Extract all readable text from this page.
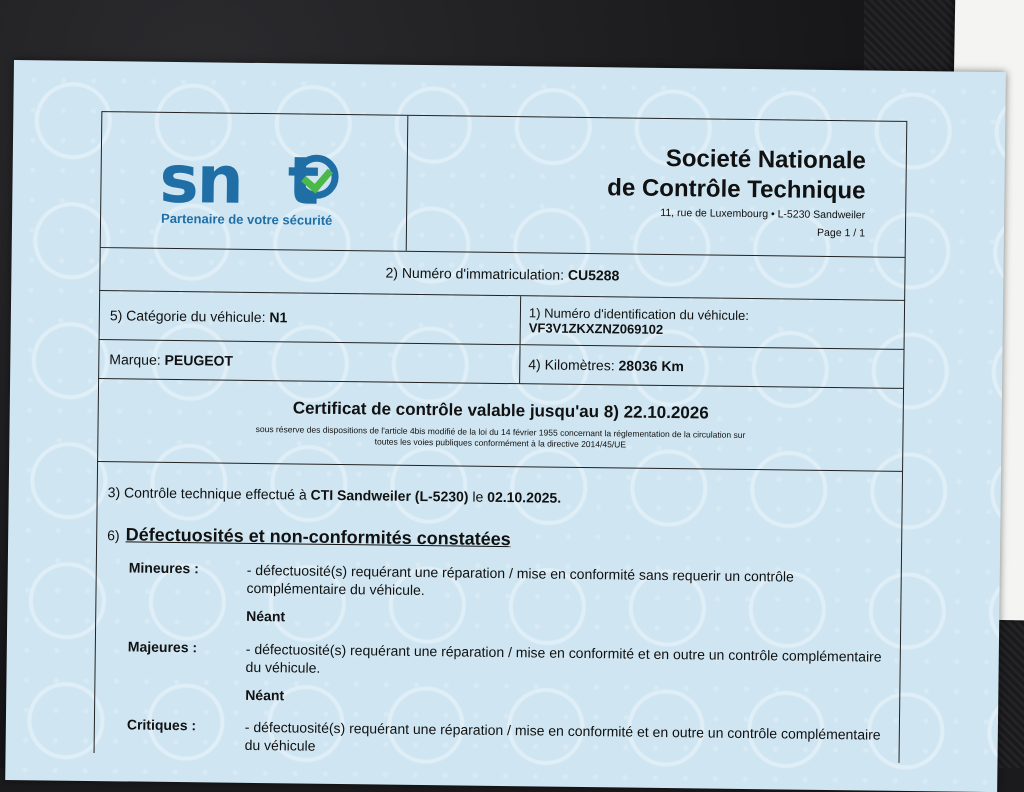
sn t
Partenaire de votre sécurité
Societé Nationale
de Contrôle Technique
11, rue de Luxembourg • L-5230 Sandweiler
Page 1 / 1
2) Numéro d'immatriculation:
CU5288
5) Catégorie du véhicule:
N1	1) Numéro d'identification du véhicule:
VF3V1ZKXZNZ069102
Marque:
PEUGEOT	4) Kilomètres:
28036 Km
Certificat de contrôle valable jusqu'au 8) 22.10.2026
sous réserve des dispositions de l'article 4bis modifié de la loi du 14 février 1955 concernant la réglementation de la circulation sur
toutes les voies publiques conformément à la directive 2014/45/UE
3) Contrôle technique effectué à CTI Sandweiler (L-5230) le 02.10.2025.
6) Défectuosités et non-conformités constatées
Mineures :	- défectuosité(s) requérant une réparation / mise en conformité sans requerir un contrôle complémentaire du véhicule.
Néant
Majeures :	- défectuosité(s) requérant une réparation / mise en conformité et en outre un contrôle complémentaire du véhicule.
Néant
Critiques :	- défectuosité(s) requérant une réparation / mise en conformité et en outre un contrôle complémentaire du véhicule
